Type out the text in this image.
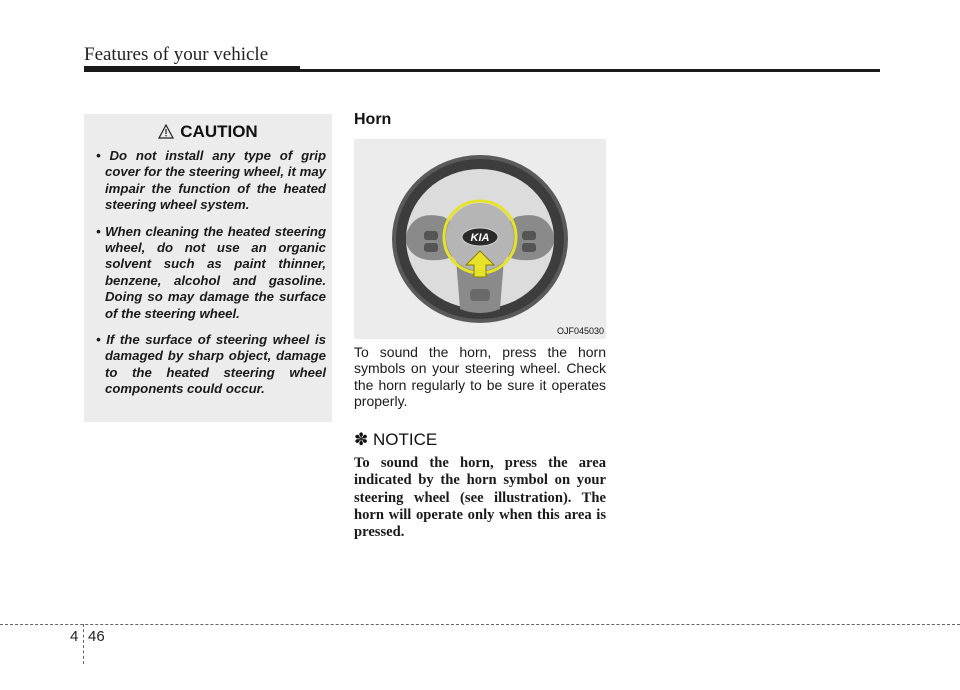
Features of your vehicle
CAUTION
• Do not install any type of grip cover for the steering wheel, it may impair the function of the heated steering wheel system.
• When cleaning the heated steering wheel, do not use an organic solvent such as paint thinner, benzene, alcohol and gasoline. Doing so may damage the surface of the steering wheel.
• If the surface of steering wheel is damaged by sharp object, damage to the heated steering wheel components could occur.
Horn
KIA
OJF045030

To sound the horn, press the horn symbols on your steering wheel. Check the horn regularly to be sure it operates properly.

✽ NOTICE

To sound the horn, press the area indicated by the horn symbol on your steering wheel (see illustration). The horn will operate only when this area is pressed.

4 46
